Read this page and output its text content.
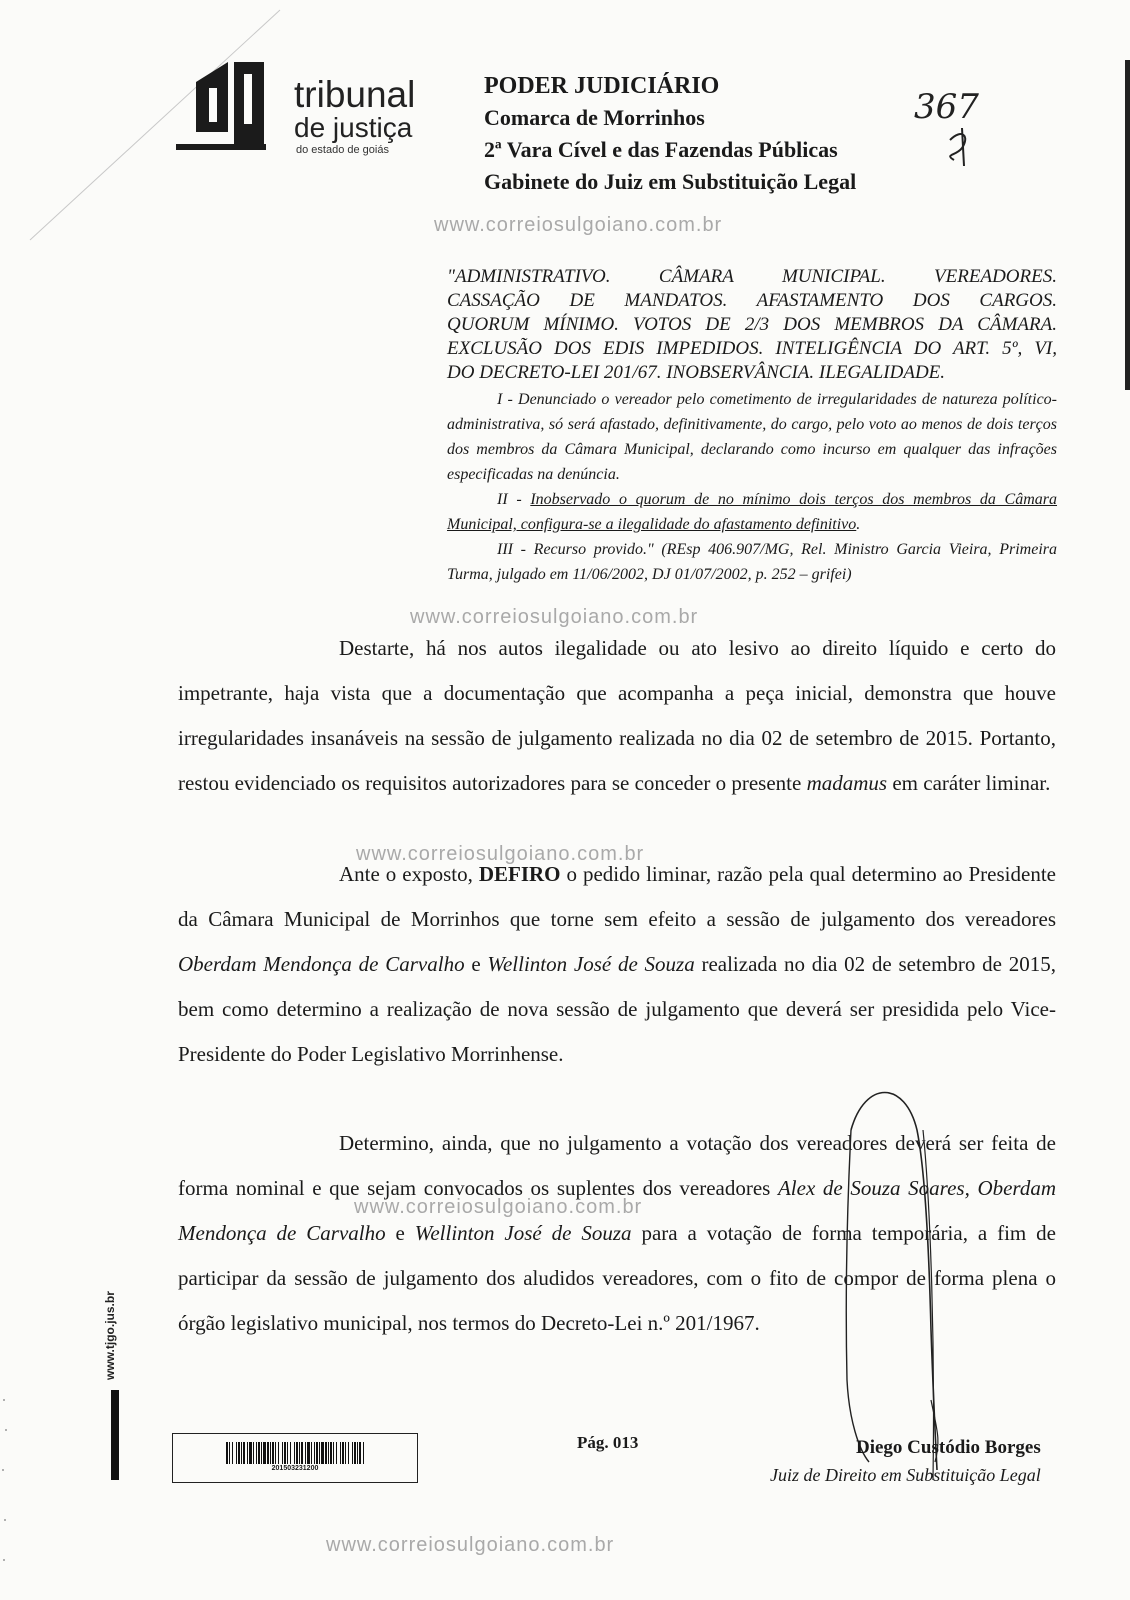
tribunal
de justiça
do estado de goiás
PODER JUDICIÁRIO
Comarca de Morrinhos
2ª Vara Cível e das Fazendas Públicas
Gabinete do Juiz em Substituição Legal
367
www.correiosulgoiano.com.br
"ADMINISTRATIVO. CÂMARA MUNICIPAL. VEREADORES.
CASSAÇÃO DE MANDATOS. AFASTAMENTO DOS CARGOS.
QUORUM MÍNIMO. VOTOS DE 2/3 DOS MEMBROS DA CÂMARA.
EXCLUSÃO DOS EDIS IMPEDIDOS. INTELIGÊNCIA DO ART. 5º, VI,
DO DECRETO-LEI 201/67. INOBSERVÂNCIA. ILEGALIDADE.
I - Denunciado o vereador pelo cometimento de irregularidades de natureza político-administrativa, só será afastado, definitivamente, do cargo, pelo voto ao menos de dois terços dos membros da Câmara Municipal, declarando como incurso em qualquer das infrações especificadas na denúncia.
II - Inobservado o quorum de no mínimo dois terços dos membros da Câmara Municipal, configura-se a ilegalidade do afastamento definitivo.
III - Recurso provido." (REsp 406.907/MG, Rel. Ministro Garcia Vieira, Primeira Turma, julgado em 11/06/2002, DJ 01/07/2002, p. 252 – grifei)
www.correiosulgoiano.com.br

Destarte, há nos autos ilegalidade ou ato lesivo ao direito líquido e certo do impetrante, haja vista que a documentação que acompanha a peça inicial, demonstra que houve irregularidades insanáveis na sessão de julgamento realizada no dia 02 de setembro de 2015. Portanto, restou evidenciado os requisitos autorizadores para se conceder o presente madamus em caráter liminar.

www.correiosulgoiano.com.br

Ante o exposto, DEFIRO o pedido liminar, razão pela qual determino ao Presidente da Câmara Municipal de Morrinhos que torne sem efeito a sessão de julgamento dos vereadores Oberdam Mendonça de Carvalho e Wellinton José de Souza realizada no dia 02 de setembro de 2015, bem como determino a realização de nova sessão de julgamento que deverá ser presidida pelo Vice-Presidente do Poder Legislativo Morrinhense.

Determino, ainda, que no julgamento a votação dos vereadores deverá ser feita de forma nominal e que sejam convocados os suplentes dos vereadores Alex de Souza Soares, Oberdam Mendonça de Carvalho e Wellinton José de Souza para a votação de forma temporária, a fim de participar da sessão de julgamento dos aludidos vereadores, com o fito de compor de forma plena o órgão legislativo municipal, nos termos do Decreto-Lei n.º 201/1967.

www.correiosulgoiano.com.br
www.tjgo.jus.br
201503231200
Pág. 013	Diego Custódio Borges
Juiz de Direito em Substituição Legal
www.correiosulgoiano.com.br
